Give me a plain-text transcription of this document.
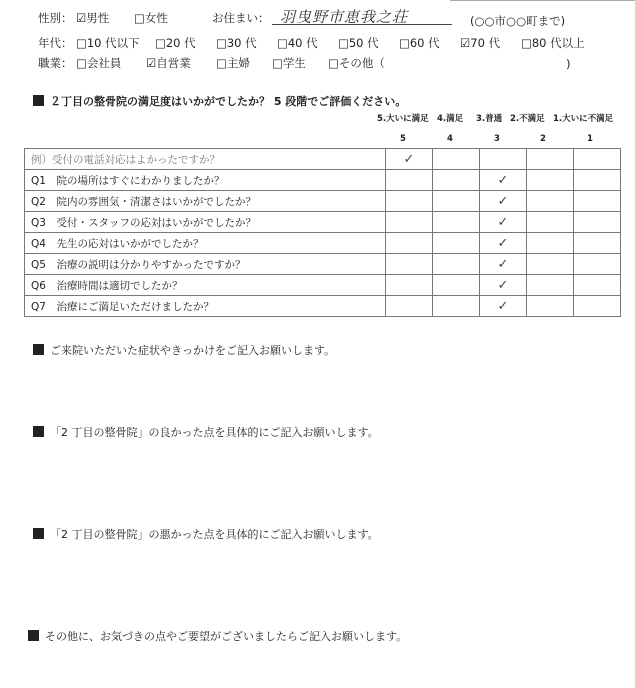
性別： ☑男性 □女性	お住まい： 羽曳野市恵我之荘	(○○市○○町まで)
年代： □10 代以下 □20 代 □30 代 □40 代 □50 代 □60 代 ☑70 代 □80 代以上
職業： □会社員 ☑自営業 □主婦 □学生 □その他（	)
２丁目の整骨院の満足度はいかがでしたか？ 5 段階でご評価ください。
5.大いに満足 4.満足 3.普通 2.不満足 1.大いに不満足
5	4	3	2	1
例）受付の電話対応はよかったですか？	✓				
Q1　院の場所はすぐにわかりましたか？			✓		
Q2　院内の雰囲気・清潔さはいかがでしたか？			✓		
Q3　受付・スタッフの応対はいかがでしたか？			✓		
Q4　先生の応対はいかがでしたか？			✓		
Q5　治療の説明は分かりやすかったですか？			✓		
Q6　治療時間は適切でしたか？			✓		
Q7　治療にご満足いただけましたか？			✓		
ご来院いただいた症状やきっかけをご記入お願いします。
「2 丁目の整骨院」の良かった点を具体的にご記入お願いします。
「2 丁目の整骨院」の悪かった点を具体的にご記入お願いします。
その他に、お気づきの点やご要望がございましたらご記入お願いします。
